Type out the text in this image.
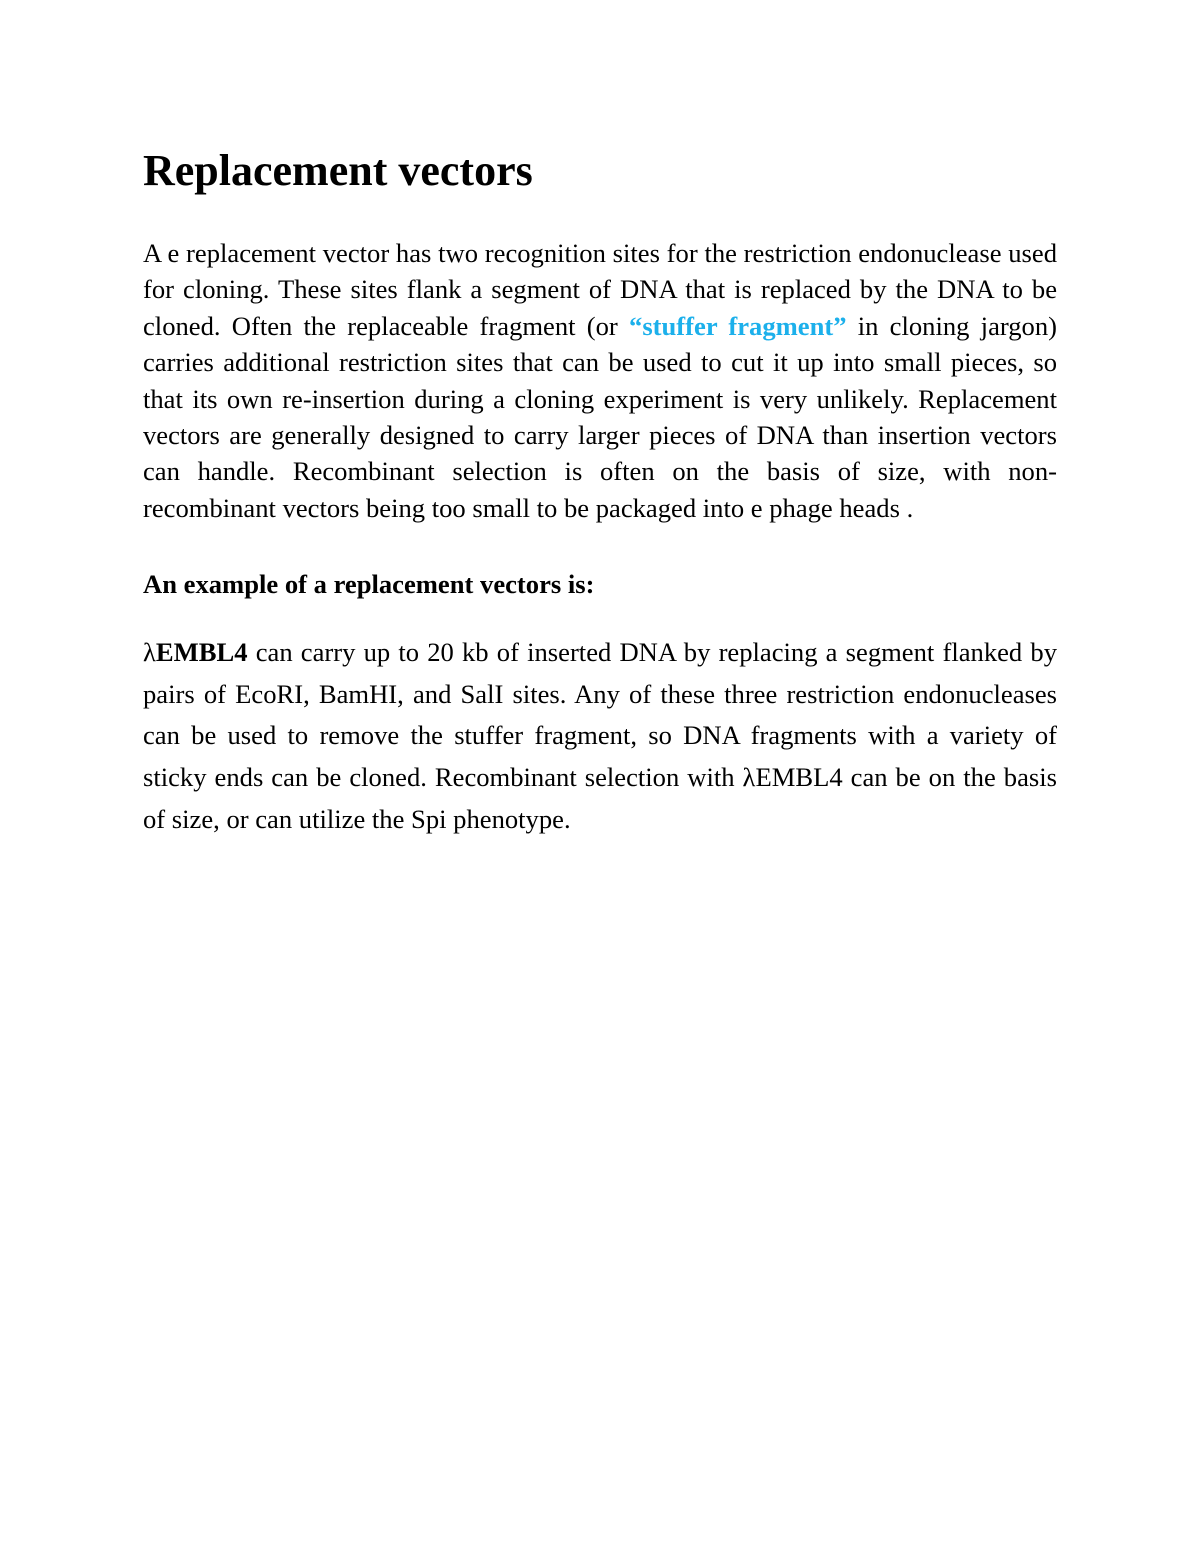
Replacement vectors

A e replacement vector has two recognition sites for the restriction endonuclease used for cloning. These sites flank a segment of DNA that is replaced by the DNA to be cloned. Often the replaceable fragment (or “stuffer fragment” in cloning jargon) carries additional restriction sites that can be used to cut it up into small pieces, so that its own re-insertion during a cloning experiment is very unlikely. Replacement vectors are generally designed to carry larger pieces of DNA than insertion vectors can handle. Recombinant selection is often on the basis of size, with non-recombinant vectors being too small to be packaged into e phage heads .

An example of a replacement vectors is:

λEMBL4 can carry up to 20 kb of inserted DNA by replacing a segment flanked by pairs of EcoRI, BamHI, and SalI sites. Any of these three restriction endonucleases can be used to remove the stuffer fragment, so DNA fragments with a variety of sticky ends can be cloned. Recombinant selection with λEMBL4 can be on the basis of size, or can utilize the Spi phenotype.
